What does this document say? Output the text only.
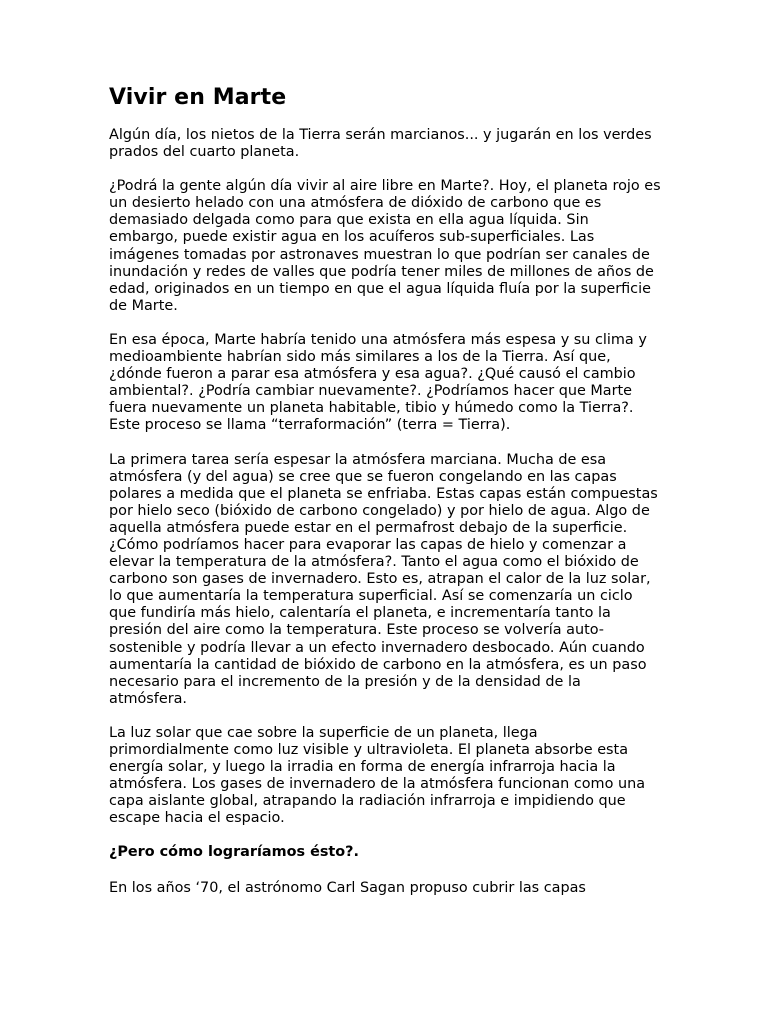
Vivir en Marte

Algún día, los nietos de la Tierra serán marcianos... y jugarán en los verdes prados del cuarto planeta.

¿Podrá la gente algún día vivir al aire libre en Marte?. Hoy, el planeta rojo es un desierto helado con una atmósfera de dióxido de carbono que es demasiado delgada como para que exista en ella agua líquida. Sin embargo, puede existir agua en los acuíferos sub-superficiales. Las imágenes tomadas por astronaves muestran lo que podrían ser canales de inundación y redes de valles que podría tener miles de millones de años de edad, originados en un tiempo en que el agua líquida fluía por la superficie de Marte.

En esa época, Marte habría tenido una atmósfera más espesa y su clima y medioambiente habrían sido más similares a los de la Tierra. Así que, ¿dónde fueron a parar esa atmósfera y esa agua?. ¿Qué causó el cambio ambiental?. ¿Podría cambiar nuevamente?. ¿Podríamos hacer que Marte fuera nuevamente un planeta habitable, tibio y húmedo como la Tierra?. Este proceso se llama “terraformación” (terra = Tierra).

La primera tarea sería espesar la atmósfera marciana. Mucha de esa atmósfera (y del agua) se cree que se fueron congelando en las capas polares a medida que el planeta se enfriaba. Estas capas están compuestas por hielo seco (bióxido de carbono congelado) y por hielo de agua. Algo de aquella atmósfera puede estar en el permafrost debajo de la superficie. ¿Cómo podríamos hacer para evaporar las capas de hielo y comenzar a elevar la temperatura de la atmósfera?. Tanto el agua como el bióxido de carbono son gases de invernadero. Esto es, atrapan el calor de la luz solar, lo que aumentaría la temperatura superficial. Así se comenzaría un ciclo que fundiría más hielo, calentaría el planeta, e incrementaría tanto la presión del aire como la temperatura. Este proceso se volvería auto-sostenible y podría llevar a un efecto invernadero desbocado. Aún cuando aumentaría la cantidad de bióxido de carbono en la atmósfera, es un paso necesario para el incremento de la presión y de la densidad de la atmósfera.

La luz solar que cae sobre la superficie de un planeta, llega primordialmente como luz visible y ultravioleta. El planeta absorbe esta energía solar, y luego la irradia en forma de energía infrarroja hacia la atmósfera. Los gases de invernadero de la atmósfera funcionan como una capa aislante global, atrapando la radiación infrarroja e impidiendo que escape hacia el espacio.

¿Pero cómo lograríamos ésto?.

En los años ‘70, el astrónomo Carl Sagan propuso cubrir las capas
